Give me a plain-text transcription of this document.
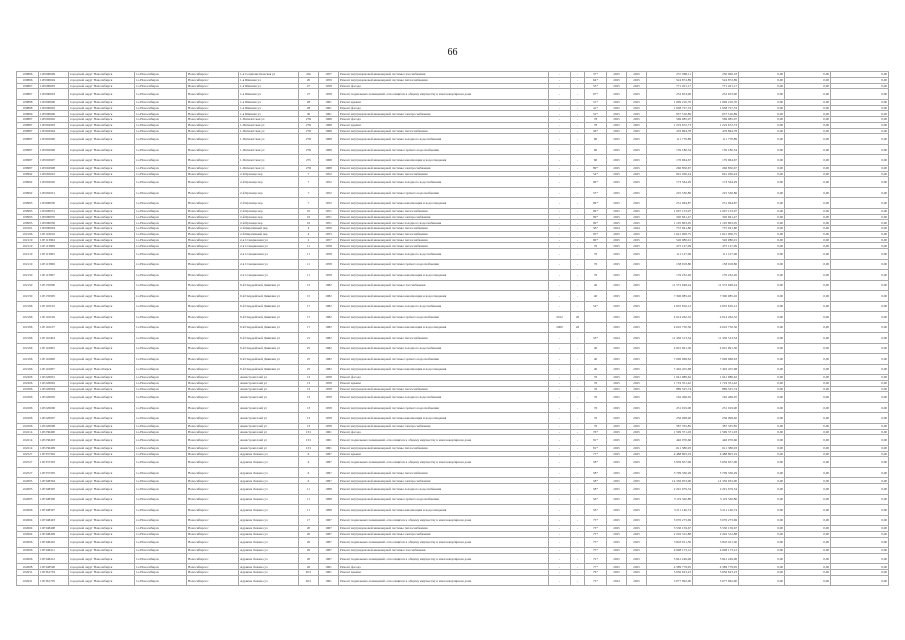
66
100866	11E000609	городской округ Новосибирск	г.о.Новосибирск	Новосибирск г	1-я Социалистическая ул	20а	1957	Ремонт внутридомовой инженерной системы газоснабжения	-	-	37*	2025	2025	257 968,11	250 000,18	0,00	0,00	0,00
100866	11E000604	городской округ Новосибирск	г.о.Новосибирск	Новосибирск г	1-я Шинная ул	20	1959	Ремонт внутридомовой инженерной системы теплоснабжения	-	-	64*	2025	2025	524 872,89	524 872,89	0,00	0,00	0,00
100867	11E000605	городской округ Новосибирск	г.о.Новосибирск	Новосибирск г	1-я Шинная ул	27	1958	Ремонт фасада	-	-	55*	2025	2025	771 201,17	771 201,17	0,00	0,00	0,00
100867	11E000603	городской округ Новосибирск	г.о.Новосибирск	Новосибирск г	1-я Шинная ул	27	1958	Ремонт подвальных помещений, относящихся к общему имуществу в многоквартирном доме	-	-	67*	2025	2025	252 653,00	252 653,00	0,00	0,00	0,00
100868	11E000600	городской округ Новосибирск	г.о.Новосибирск	Новосибирск г	1-я Шинная ул	28	1961	Ремонт крыши	-	-	31*	2025	2025	1 609 216,70	1 609 216,70	0,00	0,00	0,00
100868	11E000602	городской округ Новосибирск	г.о.Новосибирск	Новосибирск г	1-я Шинная ул	28	1961	Ремонт фасада	-	-	41*	2025	2025	1 638 727,53	1 638 727,53	0,00	0,00	0,00
100869	11E000606	городской округ Новосибирск	г.о.Новосибирск	Новосибирск г	1-я Шинная ул	30	1961	Ремонт внутридомовой инженерной системы электроснабжения	-	-	52*	2025	2025	657 516,89	657 516,89	0,00	0,00	0,00
100887	11E002902	городской округ Новосибирск	г.о.Новосибирск	Новосибирск г	1-Пятилетская ул	27Б	1968	Ремонт фасада	-	-	78	2025	2025	569 085,07	569 085,07	0,00	0,00	0,00
100887	11E002903	городской округ Новосибирск	г.о.Новосибирск	Новосибирск г	1-Пятилетская ул	27Б	1968	Ремонт крыши	-	-	78	2025	2025	1 219 672,73	1 219 672,73	0,00	0,00	0,00
100887	11E002904	городской округ Новосибирск	г.о.Новосибирск	Новосибирск г	1-Пятилетская ул	27Б	1968	Ремонт внутридомовой инженерной системы теплоснабжения	-	-	36*	2025	2025	476 894,78	476 894,78	0,00	0,00	0,00
100887	11E002900	городской округ Новосибирск	г.о.Новосибирск	Новосибирск г	1-Пятилетская ул	27Б	1968	Ремонт внутридомовой инженерной системы холодного водоснабжения	-	-	60	2025	2025	111 776,89	111 776,89	0,00	0,00	0,00
100987	11E002906	городской округ Новосибирск	г.о.Новосибирск	Новосибирск г	1-Пятилетская ул	27Б	1968	Ремонт внутридомовой инженерной системы горячего водоснабжения	-	-	60	2025	2025	159 180,34	159 180,34	0,00	0,00	0,00
100987	11E002907	городской округ Новосибирск	г.о.Новосибирск	Новосибирск г	1-Пятилетская ул	27б	1968	Ремонт внутридомовой инженерной системы канализации и водоотведения	-	-	60	2025	2025	176 964,67	176 964,67	0,00	0,00	0,00
100987	11E002908	городской округ Новосибирск	г.о.Новосибирск	Новосибирск г	1-Пятилетская ул	27Б	1968	Ремонт внутридомовой инженерной системы электроснабжения	-	-	89*	2025	2025	266 850,67	266 850,67	0,00	0,00	0,00
100992	11E002022	городской округ Новосибирск	г.о.Новосибирск	Новосибирск г	2-й Кузнецк пер	7	1952	Ремонт внутридомовой инженерной системы теплоснабжения	-	-	54*	2025	2025	691 036,24	691 036,24	0,00	0,00	0,00
100992	11E002020	городской округ Новосибирск	г.о.Новосибирск	Новосибирск г	2-й Кузнецк пер	7	1952	Ремонт внутридомовой инженерной системы холодного водоснабжения	-	-	99*	2025	2025	173 564,29	173 564,29	0,00	0,00	0,00
100992	11E002021	городской округ Новосибирск	г.о.Новосибирск	Новосибирск г	2-й Кузнецк пер	7	1952	Ремонт внутридомовой инженерной системы горячего водоснабжения	-	-	55*	2025	2025	225 530,86	225 530,86	0,00	0,00	0,00
100993	11E000030	городской округ Новосибирск	г.о.Новосибирск	Новосибирск г	2-й Кузнецк пер	7	1952	Ремонт внутридомовой инженерной системы канализации и водоотведения	-	-	99*	2025	2025	251 064,87	251 064,87	0,00	0,00	0,00
100993	11E000031	городской округ Новосибирск	г.о.Новосибирск	Новосибирск г	2-й Кузнецк пер	10	1951	Ремонт внутридомовой инженерной системы теплоснабжения	-	-	99*	2025	2025	1 007 153,07	1 007 153,07	0,00	0,00	0,00
100993	11E000035	городской округ Новосибирск	г.о.Новосибирск	Новосибирск г	2-й Кузнецк пер	10	1951	Ремонт внутридомовой инженерной системы электроснабжения	-	-	99*	2025	2025	320 661,47	320 661,47	0,00	0,00	0,00
100995	11E000036	городской округ Новосибирск	г.о.Новосибирск	Новосибирск г	2-й Кузнецк пер	10	1951	Ремонт внутридомовой инженерной системы холодного водоснабжения	-	-	99*	2025	2025	1 105 803,05	1 105 803,05	0,00	0,00	0,00
101001	11E000004	городской округ Новосибирск	г.о.Новосибирск	Новосибирск г	2-й Кирпичный пер	4	1956	Ремонт внутридомовой инженерной системы теплоснабжения	-	-	36*	2024	2024	737 041,80	737 041,80	0,00	0,00	0,00
102106	11E116016	городской округ Новосибирск	г.о.Новосибирск	Новосибирск г	2-й Кирпичный пер	4	1953	Ремонт внутридомовой инженерной системы теплоснабжения	-	-	95*	2025	2025	1 621 006,75	1 621 006,75	0,00	0,00	0,00
102119	11E113904	городской округ Новосибирск	г.о.Новосибирск	Новосибирск г	2-я Станционная ул	2	1957	Ремонт внутридомовой инженерной системы теплоснабжения	-	-	90*	2025	2025	520 980,01	520 980,01	0,00	0,00	0,00
102119	11E113909	городской округ Новосибирск	г.о.Новосибирск	Новосибирск г	2-я Станционная ул	11	1958	Ремонт внутридомовой инженерной системы теплоснабжения	-	-	76	2025	2025	475 127,09	475 127,09	0,00	0,00	0,00
102119	11E113905	городской округ Новосибирск	г.о.Новосибирск	Новосибирск г	2-я Станционная ул	11	1958	Ремонт внутридомовой инженерной системы холодного водоснабжения	-	-	76	2025	2025	111 127,06	111 127,06	0,00	0,00	0,00
102119	11E113906	городской округ Новосибирск	г.о.Новосибирск	Новосибирск г	2-я Станционная ул	11	1958	Ремонт внутридомовой инженерной системы горячего водоснабжения	-	-	76	2025	2025	158 918,86	158 918,86	0,00	0,00	0,00
102150	11E113907	городской округ Новосибирск	г.о.Новосибирск	Новосибирск г	2-я Станционная ул	11	1958	Ремонт внутридомовой инженерной системы канализации и водоотведения	-	-	76	2025	2025	176 232,26	176 232,26	0,00	0,00	0,00
102159	11E135900	городской округ Новосибирск	г.о.Новосибирск	Новосибирск г	9-й Гвардейской Дивизии ул	15	1982	Ремонт внутридомовой инженерной системы газоснабжения	-	-	40	2025	2025	11 572 948,24	11 572 948,24	0,00	0,00	0,00
102159	11E135905	городской округ Новосибирск	г.о.Новосибирск	Новосибирск г	9-й Гвардейской Дивизии ул	15	1982	Ремонт внутридомовой инженерной системы канализации и водоотведения	-	-	40	2025	2025	7 396 985,02	7 396 985,02	0,00	0,00	0,00
102166	11E116102	городской округ Новосибирск	г.о.Новосибирск	Новосибирск г	9-й Гвардейской Дивизии ул	17	1982	Ремонт внутридомовой инженерной системы холодного водоснабжения	-	-	54*	2025	2025	2 635 816,12	2 635 816,12	0,00	0,00	0,00
102166	11E116109	городской округ Новосибирск	г.о.Новосибирск	Новосибирск г	9-й Гвардейской Дивизии ул	17	1982	Ремонт внутридомовой инженерной системы горячего водоснабжения	2012	26		2025	2025	4 914 262,32	4 914 262,32	0,00	0,00	0,00
102166	11E116107	городской округ Новосибирск	г.о.Новосибирск	Новосибирск г	9-й Гвардейской Дивизии ул	17	1982	Ремонт внутридомовой инженерной системы канализации и водоотведения	2000	26		2025	2025	4 610 750,56	4 610 750,56	0,00	0,00	0,00
102166	11E116404	городской округ Новосибирск	г.о.Новосибирск	Новосибирск г	9-й Гвардейской Дивизии ул	21	1982	Ремонт внутридомовой инженерной системы теплоснабжения	-	-	33*	2024	2025	11 456 513,54	11 456 513,54	0,00	0,00	0,00
102166	11E116005	городской округ Новосибирск	г.о.Новосибирск	Новосибирск г	9-й Гвардейской Дивизии ул	25	1982	Ремонт внутридомовой инженерной системы холодного водоснабжения	-	-	40	2025	2025	4 901 691,36	4 901 691,36	0,00	0,00	0,00
102166	11E116006	городской округ Новосибирск	г.о.Новосибирск	Новосибирск г	9-й Гвардейской Дивизии ул	25	1982	Ремонт внутридомовой инженерной системы горячего водоснабжения	-	-	40	2025	2025	7 006 968,63	7 006 968,63	0,00	0,00	0,00
102166	11E116007	городской округ Новосibирск	г.о.Новосибирск	Новосибирск г	9-й Гвардейской Дивизии ул	25	1982	Ремонт внутридомовой инженерной системы канализации и водоотведения	-	-	40	2025	2025	7 402 455,68	7 402 455,68	0,00	0,00	0,00
102206	11E226001	городской округ Новосибирск	г.о.Новосибирск	Новосибирск г	Авиастроителей ул	13	1958	Ремонт фасада	-	-	76	2025	2025	1 041 986,62	1 041 986,62	0,00	0,00	0,00
102206	11E226002	городской округ Новосибирск	г.о.Новосибирск	Новосибирск г	Авиастроителей ул	13	1958	Ремонт крыши	-	-	76	2025	2025	1 719 351,42	1 719 351,42	0,00	0,00	0,00
102206	11E226004	городской округ Новосибирск	г.о.Новосибирск	Новосибирск г	Авиастроителей ул	13	1958	Ремонт внутридомовой инженерной системы теплоснабжения	-	-	76	2025	2025	889 525,74	889 525,74	0,00	0,00	0,00
102206	11E226005	городской округ Новосибирск	г.о.Новосибирск	Новосибирск г	Авиастроителей ул	13	1958	Ремонт внутридомовой инженерной системы холодного водоснабжения	-	-	76	2025	2025	162 466,05	162 466,05	0,00	0,00	0,00
102206	11E226006	городской округ Новосибирск	г.о.Новосибирск	Новосибирск г	Авиастроителей ул	13	1958	Ремонт внутридомовой инженерной системы горячего водоснабжения	-	-	76	2025	2025	231 019,00	231 019,00	0,00	0,00	0,00
102206	11E226007	городской округ Новосибирск	г.о.Новосибирск	Новосибирск г	Авиастроителей ул	13	1958	Ремонт внутридомовой инженерной системы канализации и водоотведения	-	-	76	2025	2025	256 098,40	256 098,40	0,00	0,00	0,00
102206	11E226008	городской округ Новосибирск	г.о.Новосибирск	Новосибирск г	Авиастроителей ул	13	1958	Ремонт внутридомовой инженерной системы электроснабжения	-	-	76	2025	2025	387 335,85	387 335,85	0,00	0,00	0,00
102214	11E236400	городской округ Новосибирск	г.о.Новосибирск	Новосибирск г	Авиастроителей ул	13/1	1961	Ремонт фасада	-	-	76*	2025	2025	1 599 371,03	1 599 371,03	0,00	0,00	0,00
102214	11E236403	городской округ Новосибирск	г.о.Новосибирск	Новосибирск г	Авиастроителей ул	13/1	1961	Ремонт подвальных помещений, относящихся к общему имуществу в многоквартирном доме	-	-	81*	2025	2025	446 076,66	446 076,66	0,00	0,00	0,00
102214	11E236409	городской округ Новосибирск	г.о.Новосибирск	Новосибирск г	Авиастроителей ул	13/1	1961	Ремонт внутридомовой инженерной системы теплоснабжения	-	-	81*	2025	2025	611 380,93	611 380,93	0,00	0,00	0,00
102527	11E337302	городской округ Новосибирск	г.о.Новосибирск	Новосибирск г	Адриена Лежена ул	6	1997	Ремонт крыши	-	-	77*	2025	2025	4 488 803,19	4 488 803,19	0,00	0,00	0,00
102527	11E337303	городской округ Новосибирск	г.о.Новосибирск	Новосибирск г	Адриена Лежена ул	6	1997	Ремонт подвальных помещений, относящихся к общему имуществу в многоквартирном доме	-	-	58*	2025	2025	3 939 657,06	3 939 657,06	0,00	0,00	0,00
102527	11E337305	городской округ Новосибирск	г.о.Новосибирск	Новосибирск г	Адриена Лежена ул	6	1997	Ремонт внутридомовой инженерной системы теплоснабжения	-	-	58*	2025	2025	5 709 330,29	5 709 330,29	0,00	0,00	0,00
102605	11E348304	городской округ Новосибирск	г.о.Новосибирск	Новосибирск г	Адриена Лежена ул	6	1997	Ремонт внутридомовой инженерной системы электроснабжения	-	-	58*	2025	2025	14 356 953,00	14 356 953,00	0,00	0,00	0,00
102605	11E348305	городской округ Новосибирск	г.о.Новосибирск	Новосибирск г	Адриена Лежена ул	11	1998	Ремонт внутридомовой инженерной системы холодного водоснабжения	-	-	58*	2025	2025	2 291 679,54	2 291 679,54	0,00	0,00	0,00
102605	11E348306	городской округ Новосибирск	г.о.Новосибирск	Новосибирск г	Адриена Лежена ул	11	1998	Ремонт внутридомовой инженерной системы горячего водоснабжения	-	-	56*	2025	2025	3 119 320,86	3 119 320,86	0,00	0,00	0,00
102606	11E348307	городской округ Новосибирск	г.о.Новосибирск	Новосибирск г	Адриена Лежена ул	11	1998	Ремонт внутридомовой инженерной системы канализации и водоотведения	-	-	56*	2025	2025	3 211 146,74	3 211 146,74	0,00	0,00	0,00
102604	11E348403	городской округ Новосибирск	г.о.Новосибирск	Новосибирск г	Адриена Лежена ул	17	1967	Ремонт подвальных помещений, относящихся к общему имуществу в многоквартирном доме	-	-	75*	2025	2025	3 076 273,69	3 076 273,69	0,00	0,00	0,00
102604	11E348408	городской округ Новосибирск	г.о.Новосибирск	Новосибирск г	Адриена Лежена ул	20	1967	Ремонт внутридомовой инженерной системы теплоснабжения	-	-	75*	2025	2025	5 530 159,67	5 530 159,67	0,00	0,00	0,00
102604	11E348409	городской округ Новосибирск	г.о.Новосибирск	Новосибирск г	Адриена Лежена ул	20	1967	Ремонт внутридомовой инженерной системы электроснабжения	-	-	75*	2025	2025	2 202 312,88	2 202 312,88	0,00	0,00	0,00
102606	11E348410	городской округ Новосибирск	г.о.Новосибирск	Новосибирск г	Адриена Лежена ул	20	1967	Ремонт подвальных помещений, относящихся к общему имуществу в многоквартирном доме	-	-	75*	2025	2025	5 843 911,30	5 843 911,30	0,00	0,00	0,00
102606	11E348411	городской округ Новосибирск	г.о.Новосибирск	Новосибирск г	Адриена Лежена ул	20	1967	Ремонт внутридомовой инженерной системы газоснабжения	-	-	75*	2025	2025	4 908 173,12	4 908 173,12	0,00	0,00	0,00
102606	11E348412	городской округ Новосибирск	г.о.Новосибирск	Новосибирск г	Адриена Лежена ул	20	1967	Ремонт подвальных помещений, относящихся к общему имуществу в многоквартирном доме	-	-	72*	2025	2025	5 841 249,06	5 841 249,06	0,00	0,00	0,00
102608	11E348500	городской округ Новосибирск	г.о.Новосибирск	Новосибирск г	Адриена Лежена ул	26	1961	Ремонт фасада	-	-	77*	2025	2025	4 389 779,95	4 389 779,95	0,00	0,00	0,00
102631	11E361703	городской округ Новосибирск	г.о.Новосибирск	Новосибирск г	Адриена Лежена ул	26/1	1961	Ремонт крыши	-	-	79*	2025	2025	5 636 623,23	5 636 623,23	0,00	0,00	0,00
102631	11E361705	городской округ Новосибирск	г.о.Новосибирск	Новосибирск г	Адриена Лежена ул	26/1	1961	Ремонт подвальных помещений, относящихся к общему имуществу в многоквартирном доме	-	-	72*	2024	2025	3 077 992,00	3 077 992,00	0,00	0,00	0,00
